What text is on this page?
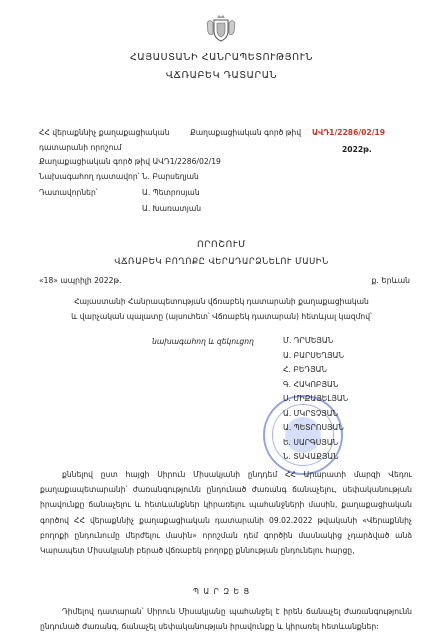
ՀԱՅԱՍՏԱՆԻ ՀԱՆՐԱՊԵՏՈՒԹՅՈՒՆ
ՎՃՌԱԲԵԿ ԴԱՏԱՐԱՆ
ՀՀ վերաքննիչ քաղաքացիական
դատարանի որոշում
Քաղաքացիական գործ թիվ ԱՎԴ1/2286/02/19
Նախագահող դատավոր՝ Ն. Բարսեղյան
Դատավորներ՝	Ա. Պետրոսյան
Ա. Խառատյան
Քաղաքացիական գործ թիվ ԱՎԴ1/2286/02/19
2022թ.
ՈՐՈՇՈՒՄ
ՎՃՌԱԲԵԿ ԲՈՂՈՔԸ ՎԵՐԱԴԱՐՁՆԵԼՈՒ ՄԱՍԻՆ
«18» ապրիլի 2022թ.	ք. Երևան
Հայաստանի Հանրապետության վճռաբեկ դատարանի քաղաքացիական
և վարչական պալատը (այսուհետ՝ Վճռաբեկ դատարան) հետևյալ կազմով՝
նախագահող և զեկուցող	Մ. ԴՐՄԵՅԱՆ
Ա. ԲԱՐՍԵՂՅԱՆ
Հ. ԲԵԴՅԱՆ
Գ. ՀԱԿՈԲՅԱՆ
Ս. ՄԻՔԱՅԵԼՅԱՆ
Ա. ՄԿՐՏՉՅԱՆ
Ա. ՊԵՏՐՈՍՅԱՆ
Ե. ՍԱՐԳՍՅԱՆ
Ն. ՏԱՎԱՔՅԱՆ
քննելով ըստ հայցի Սիրուն Միսակյանի ընդդեմ ՀՀ Արարատի մարզի Վեդու քաղաքապետարանի՝ ժառանգությունն ընդունած ժառանգ ճանաչելու, սեփականության իրավունքը ճանաչելու և հետևանքներ կիրառելու պահանջների մասին, քաղաքացիական գործով ՀՀ վերաքննիչ քաղաքացիական դատարանի 09.02.2022 թվականի «Վերաքննիչ բողոքի ընդունումը մերժելու մասին» որոշման դեմ գործին մասնակից չդարձված անձ Կարապետ Միսակյանի բերած վճռաբեկ բողոքը քննության ընդունելու հարցը,
Պ Ա Ր Զ Ե Ց
Դիմելով դատարան՝ Սիրուն Միսակյանը պահանջել է իրեն ճանաչել ժառանգությունն ընդունած ժառանգ, ճանաչել սեփականության իրավունքը և կիրառել հետևանքներ:
